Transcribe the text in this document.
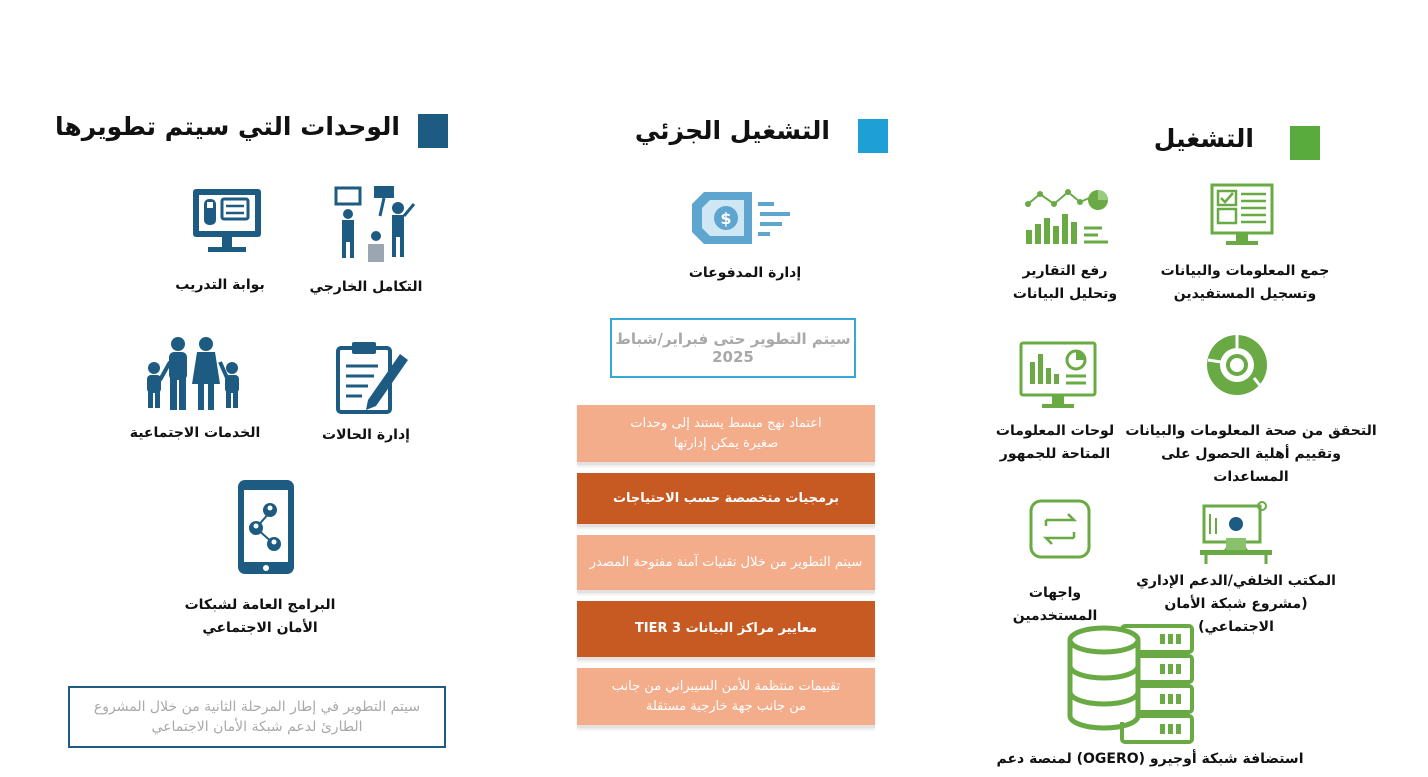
التشغيل
جمع المعلومات والبيانات
وتسجيل المستفيدين
رفع التقارير
وتحليل البيانات
التحقق من صحة المعلومات والبيانات
وتقييم أهلية الحصول على المساعدات
لوحات المعلومات
المتاحة للجمهور
المكتب الخلفي/الدعم الإداري
(مشروع شبكة الأمان الاجتماعي)
واجهات المستخدمين
استضافة شبكة أوجيرو (OGERO) لمنصة دعم
التشغيل الجزئي
$
إدارة المدفوعات
سيتم التطوير حتى فبراير/شباط 2025
اعتماد نهج مبسط يستند إلى وحدات
صغيرة يمكن إدارتها
برمجيات متخصصة حسب الاحتياجات
سيتم التطوير من خلال تقنيات آمنة مفتوحة المصدر
معايير مراكز البيانات TIER 3
تقييمات منتظمة للأمن السيبراني من جانب
من جانب جهة خارجية مستقلة
الوحدات التي سيتم تطويرها
بوابة التدريب	التكامل الخارجي
الخدمات الاجتماعية	إدارة الحالات
البرامج العامة لشبكات
الأمان الاجتماعي
سيتم التطوير في إطار المرحلة الثانية من خلال المشروع
الطارئ لدعم شبكة الأمان الاجتماعي
